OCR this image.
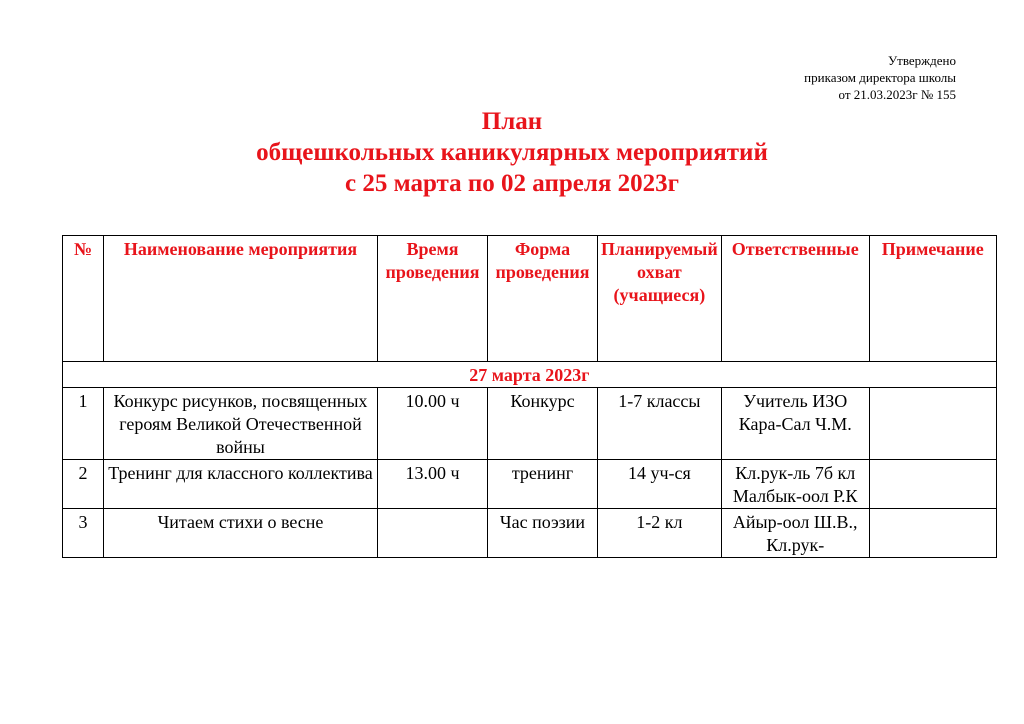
Утверждено
приказом директора школы
от 21.03.2023г № 155
План
общешкольных каникулярных мероприятий
с 25 марта по 02 апреля 2023г
№	Наименование мероприятия	Время проведения	Форма проведения	Планируемый охват (учащиеся)	Ответственные	Примечание
27 марта 2023г						
1	Конкурс рисунков, посвященных героям Великой Отечественной войны	10.00 ч	Конкурс	1-7 классы	Учитель ИЗО Кара-Сал Ч.М.	
2	Тренинг для классного коллектива	13.00 ч	тренинг	14 уч-ся	Кл.рук-ль 7б кл Малбык-оол Р.К	
3	Читаем стихи о весне		Час поэзии	1-2 кл	Айыр-оол Ш.В., Кл.рук-	
